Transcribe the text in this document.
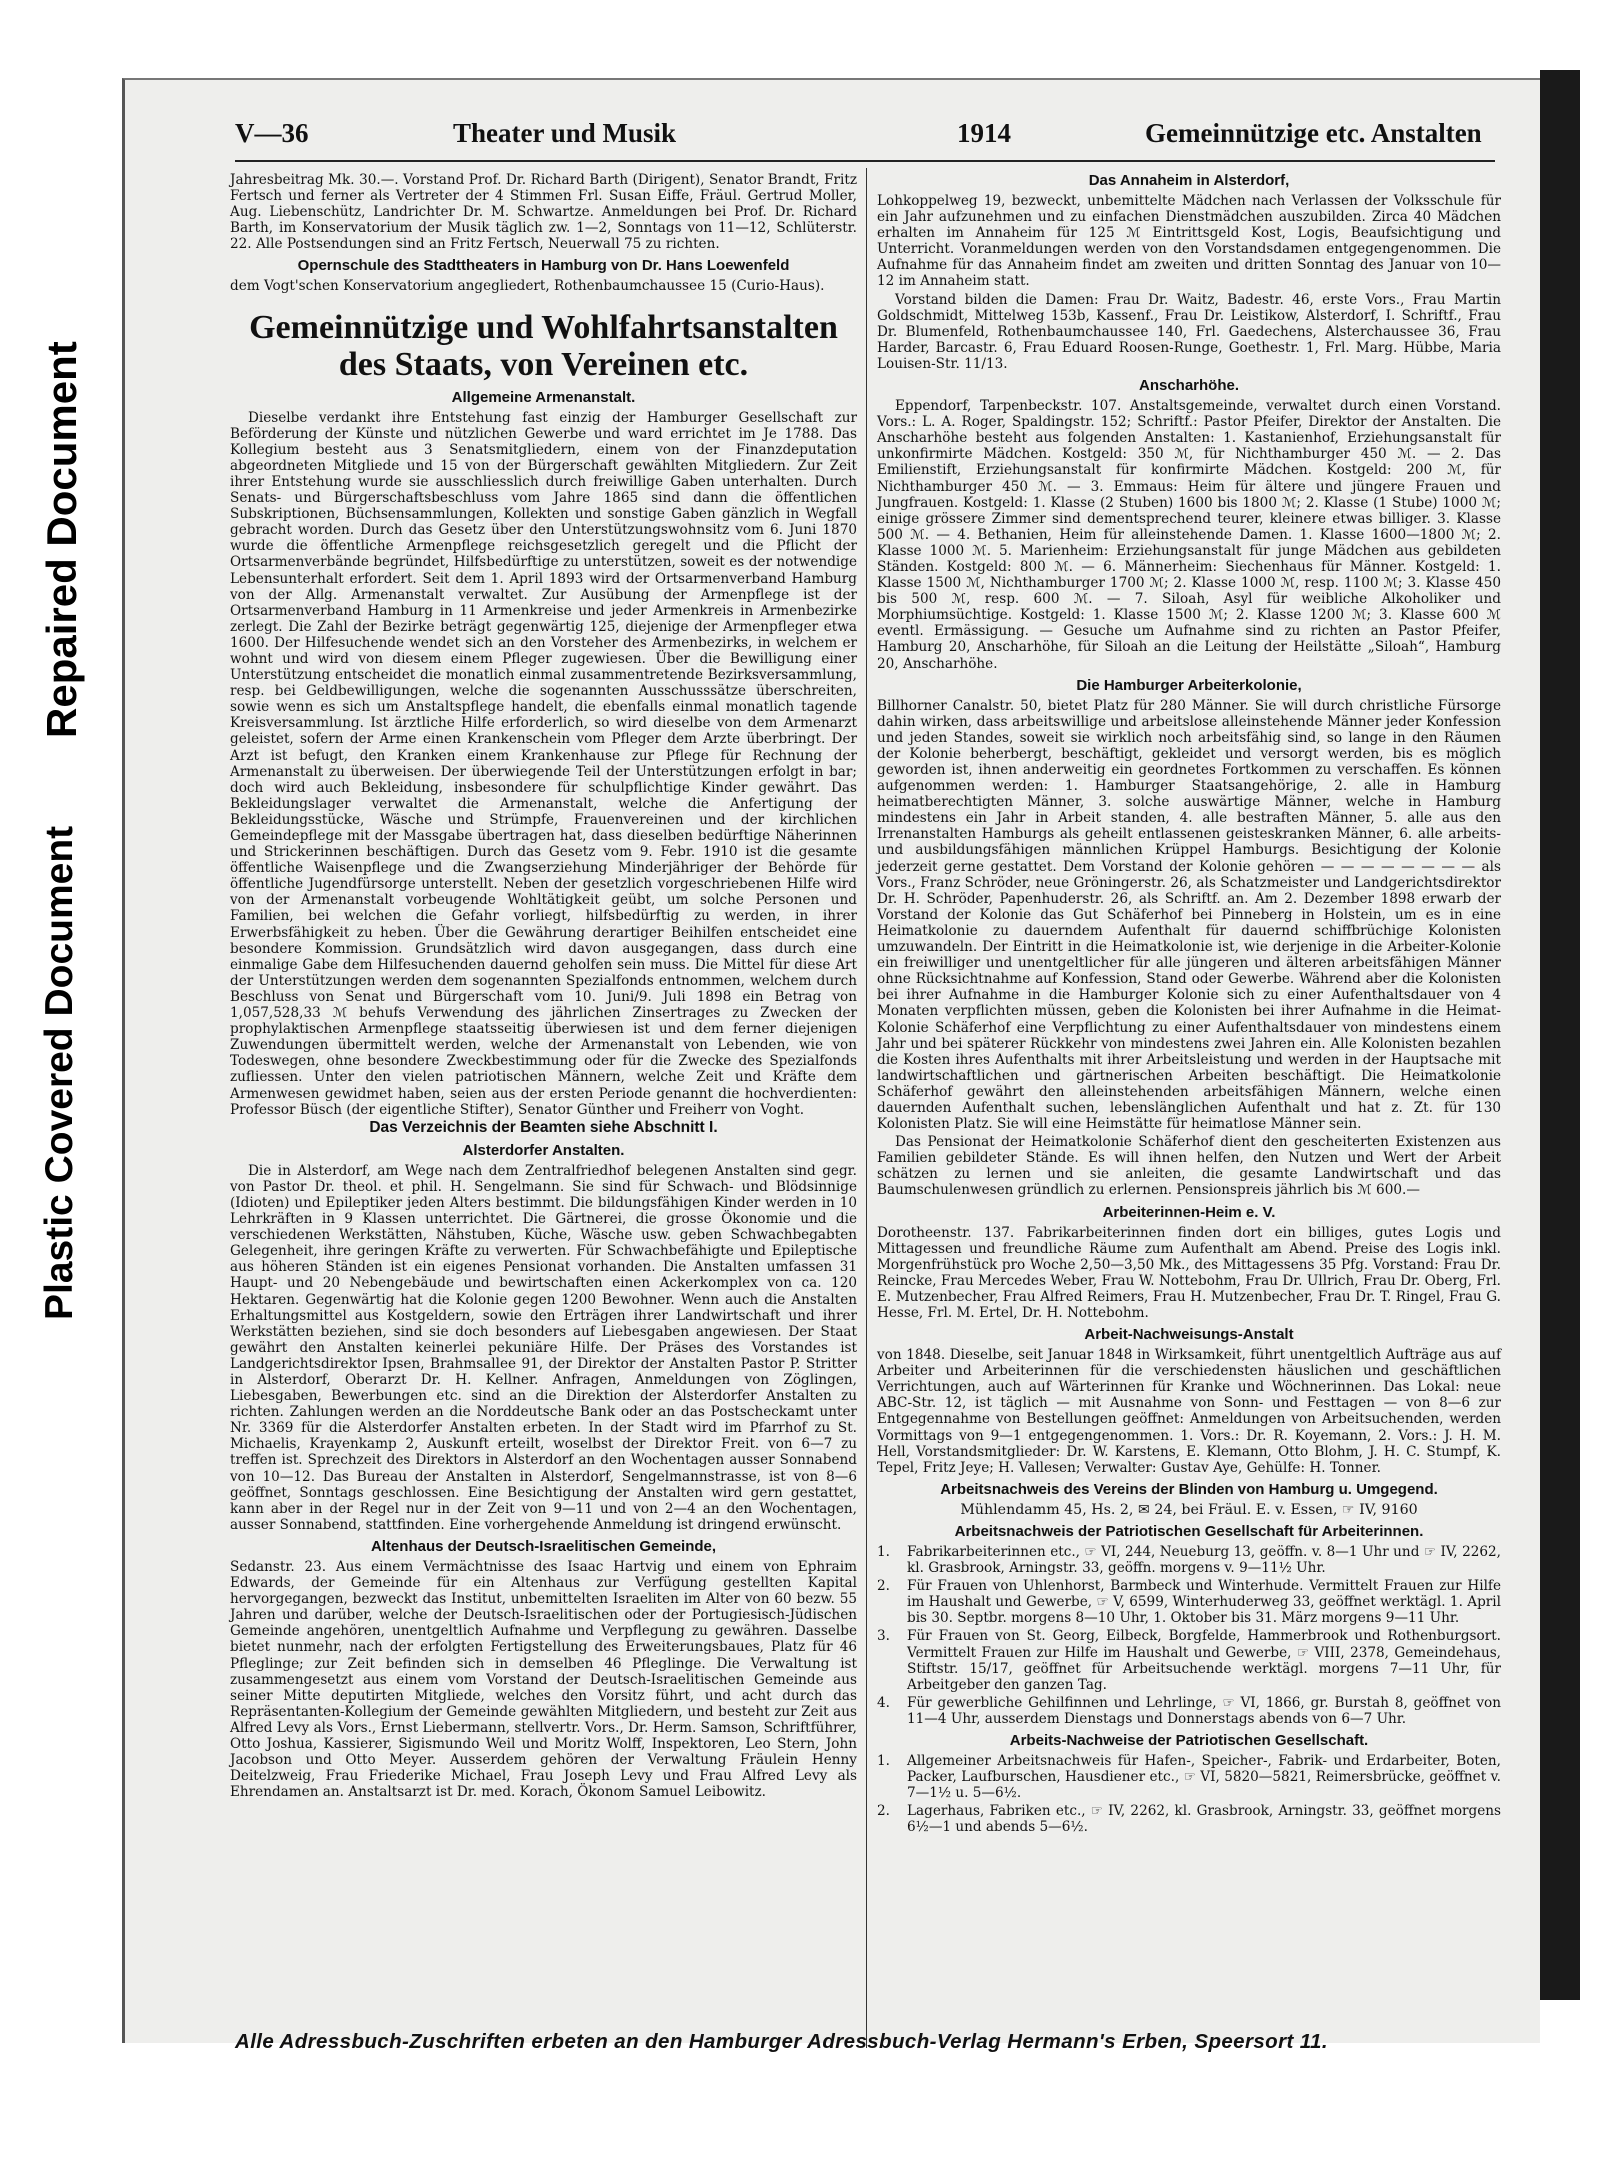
Repaired Document
Plastic Covered Document
V—36	Theater und Musik	1914	Gemeinnützige etc. Anstalten

Jahresbeitrag Mk. 30.—. Vorstand Prof. Dr. Richard Barth (Dirigent), Senator Brandt, Fritz Fertsch und ferner als Vertreter der 4 Stimmen Frl. Susan Eiffe, Fräul. Gertrud Moller, Aug. Liebenschütz, Landrichter Dr. M. Schwartze. Anmeldungen bei Prof. Dr. Richard Barth, im Konservatorium der Musik täglich zw. 1—2, Sonntags von 11—12, Schlüterstr. 22. Alle Postsendungen sind an Fritz Fertsch, Neuerwall 75 zu richten.

Opernschule des Stadttheaters in Hamburg von Dr. Hans Loewenfeld

dem Vogt'schen Konservatorium angegliedert, Rothenbaumchaussee 15 (Curio-Haus).

Gemeinnützige und Wohlfahrtsanstalten des Staats, von Vereinen etc.
Allgemeine Armenanstalt.

Dieselbe verdankt ihre Entstehung fast einzig der Hamburger Gesellschaft zur Beförderung der Künste und nützlichen Gewerbe und ward errichtet im Je 1788. Das Kollegium besteht aus 3 Senatsmitgliedern, einem von der Finanzdeputation abgeordneten Mitgliede und 15 von der Bürgerschaft gewählten Mitgliedern. Zur Zeit ihrer Entstehung wurde sie ausschliesslich durch freiwillige Gaben unterhalten. Durch Senats- und Bürgerschaftsbeschluss vom Jahre 1865 sind dann die öffentlichen Subskriptionen, Büchsensammlungen, Kollekten und sonstige Gaben gänzlich in Wegfall gebracht worden. Durch das Gesetz über den Unterstützungswohnsitz vom 6. Juni 1870 wurde die öffentliche Armenpflege reichsgesetzlich geregelt und die Pflicht der Ortsarmenverbände begründet, Hilfsbedürftige zu unterstützen, soweit es der notwendige Lebensunterhalt erfordert. Seit dem 1. April 1893 wird der Ortsarmenverband Hamburg von der Allg. Armenanstalt verwaltet. Zur Ausübung der Armenpflege ist der Ortsarmenverband Hamburg in 11 Armenkreise und jeder Armenkreis in Armenbezirke zerlegt. Die Zahl der Bezirke beträgt gegenwärtig 125, diejenige der Armenpfleger etwa 1600. Der Hilfesuchende wendet sich an den Vorsteher des Armenbezirks, in welchem er wohnt und wird von diesem einem Pfleger zugewiesen. Über die Bewilligung einer Unterstützung entscheidet die monatlich einmal zusammentretende Bezirksversammlung, resp. bei Geldbewilligungen, welche die sogenannten Ausschusssätze überschreiten, sowie wenn es sich um Anstaltspflege handelt, die ebenfalls einmal monatlich tagende Kreisversammlung. Ist ärztliche Hilfe erforderlich, so wird dieselbe von dem Armenarzt geleistet, sofern der Arme einen Krankenschein vom Pfleger dem Arzte überbringt. Der Arzt ist befugt, den Kranken einem Krankenhause zur Pflege für Rechnung der Armenanstalt zu überweisen. Der überwiegende Teil der Unterstützungen erfolgt in bar; doch wird auch Bekleidung, insbesondere für schulpflichtige Kinder gewährt. Das Bekleidungslager verwaltet die Armenanstalt, welche die Anfertigung der Bekleidungsstücke, Wäsche und Strümpfe, Frauenvereinen und der kirchlichen Gemeindepflege mit der Massgabe übertragen hat, dass dieselben bedürftige Näherinnen und Strickerinnen beschäftigen. Durch das Gesetz vom 9. Febr. 1910 ist die gesamte öffentliche Waisenpflege und die Zwangserziehung Minderjähriger der Behörde für öffentliche Jugendfürsorge unterstellt. Neben der gesetzlich vorgeschriebenen Hilfe wird von der Armenanstalt vorbeugende Wohltätigkeit geübt, um solche Personen und Familien, bei welchen die Gefahr vorliegt, hilfsbedürftig zu werden, in ihrer Erwerbsfähigkeit zu heben. Über die Gewährung derartiger Beihilfen entscheidet eine besondere Kommission. Grundsätzlich wird davon ausgegangen, dass durch eine einmalige Gabe dem Hilfesuchenden dauernd geholfen sein muss. Die Mittel für diese Art der Unterstützungen werden dem sogenannten Spezialfonds entnommen, welchem durch Beschluss von Senat und Bürgerschaft vom 10. Juni/9. Juli 1898 ein Betrag von 1,057,528,33 ℳ behufs Verwendung des jährlichen Zinsertrages zu Zwecken der prophylaktischen Armenpflege staatsseitig überwiesen ist und dem ferner diejenigen Zuwendungen übermittelt werden, welche der Armenanstalt von Lebenden, wie von Todeswegen, ohne besondere Zweckbestimmung oder für die Zwecke des Spezialfonds zufliessen. Unter den vielen patriotischen Männern, welche Zeit und Kräfte dem Armenwesen gewidmet haben, seien aus der ersten Periode genannt die hochverdienten: Professor Büsch (der eigentliche Stifter), Senator Günther und Freiherr von Voght.

Das Verzeichnis der Beamten siehe Abschnitt I.
Alsterdorfer Anstalten.

Die in Alsterdorf, am Wege nach dem Zentralfriedhof belegenen Anstalten sind gegr. von Pastor Dr. theol. et phil. H. Sengelmann. Sie sind für Schwach- und Blödsinnige (Idioten) und Epileptiker jeden Alters bestimmt. Die bildungsfähigen Kinder werden in 10 Lehrkräften in 9 Klassen unterrichtet. Die Gärtnerei, die grosse Ökonomie und die verschiedenen Werkstätten, Nähstuben, Küche, Wäsche usw. geben Schwachbegabten Gelegenheit, ihre geringen Kräfte zu verwerten. Für Schwachbefähigte und Epileptische aus höheren Ständen ist ein eigenes Pensionat vorhanden. Die Anstalten umfassen 31 Haupt- und 20 Nebengebäude und bewirtschaften einen Ackerkomplex von ca. 120 Hektaren. Gegenwärtig hat die Kolonie gegen 1200 Bewohner. Wenn auch die Anstalten Erhaltungsmittel aus Kostgeldern, sowie den Erträgen ihrer Landwirtschaft und ihrer Werkstätten beziehen, sind sie doch besonders auf Liebesgaben angewiesen. Der Staat gewährt den Anstalten keinerlei pekuniäre Hilfe. Der Präses des Vorstandes ist Landgerichtsdirektor Ipsen, Brahmsallee 91, der Direktor der Anstalten Pastor P. Stritter in Alsterdorf, Oberarzt Dr. H. Kellner. Anfragen, Anmeldungen von Zöglingen, Liebesgaben, Bewerbungen etc. sind an die Direktion der Alsterdorfer Anstalten zu richten. Zahlungen werden an die Norddeutsche Bank oder an das Postscheckamt unter Nr. 3369 für die Alsterdorfer Anstalten erbeten. In der Stadt wird im Pfarrhof zu St. Michaelis, Krayenkamp 2, Auskunft erteilt, woselbst der Direktor Freit. von 6—7 zu treffen ist. Sprechzeit des Direktors in Alsterdorf an den Wochentagen ausser Sonnabend von 10—12. Das Bureau der Anstalten in Alsterdorf, Sengelmannstrasse, ist von 8—6 geöffnet, Sonntags geschlossen. Eine Besichtigung der Anstalten wird gern gestattet, kann aber in der Regel nur in der Zeit von 9—11 und von 2—4 an den Wochentagen, ausser Sonnabend, stattfinden. Eine vorhergehende Anmeldung ist dringend erwünscht.

Altenhaus der Deutsch-Israelitischen Gemeinde,

Sedanstr. 23. Aus einem Vermächtnisse des Isaac Hartvig und einem von Ephraim Edwards, der Gemeinde für ein Altenhaus zur Verfügung gestellten Kapital hervorgegangen, bezweckt das Institut, unbemittelten Israeliten im Alter von 60 bezw. 55 Jahren und darüber, welche der Deutsch-Israelitischen oder der Portugiesisch-Jüdischen Gemeinde angehören, unentgeltlich Aufnahme und Verpflegung zu gewähren. Dasselbe bietet nunmehr, nach der erfolgten Fertigstellung des Erweiterungsbaues, Platz für 46 Pfleglinge; zur Zeit befinden sich in demselben 46 Pfleglinge. Die Verwaltung ist zusammengesetzt aus einem vom Vorstand der Deutsch-Israelitischen Gemeinde aus seiner Mitte deputirten Mitgliede, welches den Vorsitz führt, und acht durch das Repräsentanten-Kollegium der Gemeinde gewählten Mitgliedern, und besteht zur Zeit aus Alfred Levy als Vors., Ernst Liebermann, stellvertr. Vors., Dr. Herm. Samson, Schriftführer, Otto Joshua, Kassierer, Sigismundo Weil und Moritz Wolff, Inspektoren, Leo Stern, John Jacobson und Otto Meyer. Ausserdem gehören der Verwaltung Fräulein Henny Deitelzweig, Frau Friederike Michael, Frau Joseph Levy und Frau Alfred Levy als Ehrendamen an. Anstaltsarzt ist Dr. med. Korach, Ökonom Samuel Leibowitz.

Das Annaheim in Alsterdorf,

Lohkoppelweg 19, bezweckt, unbemittelte Mädchen nach Verlassen der Volksschule für ein Jahr aufzunehmen und zu einfachen Dienstmädchen auszubilden. Zirca 40 Mädchen erhalten im Annaheim für 125 ℳ Eintrittsgeld Kost, Logis, Beaufsichtigung und Unterricht. Voranmeldungen werden von den Vorstandsdamen entgegengenommen. Die Aufnahme für das Annaheim findet am zweiten und dritten Sonntag des Januar von 10—12 im Annaheim statt.

Vorstand bilden die Damen: Frau Dr. Waitz, Badestr. 46, erste Vors., Frau Martin Goldschmidt, Mittelweg 153b, Kassenf., Frau Dr. Leistikow, Alsterdorf, I. Schriftf., Frau Dr. Blumenfeld, Rothenbaumchaussee 140, Frl. Gaedechens, Alsterchaussee 36, Frau Harder, Barcastr. 6, Frau Eduard Roosen-Runge, Goethestr. 1, Frl. Marg. Hübbe, Maria Louisen-Str. 11/13.

Anscharhöhe.

Eppendorf, Tarpenbeckstr. 107. Anstaltsgemeinde, verwaltet durch einen Vorstand. Vors.: L. A. Roger, Spaldingstr. 152; Schriftf.: Pastor Pfeifer, Direktor der Anstalten. Die Anscharhöhe besteht aus folgenden Anstalten: 1. Kastanienhof, Erziehungsanstalt für unkonfirmirte Mädchen. Kostgeld: 350 ℳ, für Nichthamburger 450 ℳ. — 2. Das Emilienstift, Erziehungsanstalt für konfirmirte Mädchen. Kostgeld: 200 ℳ, für Nichthamburger 450 ℳ. — 3. Emmaus: Heim für ältere und jüngere Frauen und Jungfrauen. Kostgeld: 1. Klasse (2 Stuben) 1600 bis 1800 ℳ; 2. Klasse (1 Stube) 1000 ℳ; einige grössere Zimmer sind dementsprechend teurer, kleinere etwas billiger. 3. Klasse 500 ℳ. — 4. Bethanien, Heim für alleinstehende Damen. 1. Klasse 1600—1800 ℳ; 2. Klasse 1000 ℳ. 5. Marienheim: Erziehungsanstalt für junge Mädchen aus gebildeten Ständen. Kostgeld: 800 ℳ. — 6. Männerheim: Siechenhaus für Männer. Kostgeld: 1. Klasse 1500 ℳ, Nichthamburger 1700 ℳ; 2. Klasse 1000 ℳ, resp. 1100 ℳ; 3. Klasse 450 bis 500 ℳ, resp. 600 ℳ. — 7. Siloah, Asyl für weibliche Alkoholiker und Morphiumsüchtige. Kostgeld: 1. Klasse 1500 ℳ; 2. Klasse 1200 ℳ; 3. Klasse 600 ℳ eventl. Ermässigung. — Gesuche um Aufnahme sind zu richten an Pastor Pfeifer, Hamburg 20, Anscharhöhe, für Siloah an die Leitung der Heilstätte „Siloah“, Hamburg 20, Anscharhöhe.

Die Hamburger Arbeiterkolonie,

Billhorner Canalstr. 50, bietet Platz für 280 Männer. Sie will durch christliche Fürsorge dahin wirken, dass arbeitswillige und arbeitslose alleinstehende Männer jeder Konfession und jeden Standes, soweit sie wirklich noch arbeitsfähig sind, so lange in den Räumen der Kolonie beherbergt, beschäftigt, gekleidet und versorgt werden, bis es möglich geworden ist, ihnen anderweitig ein geordnetes Fortkommen zu verschaffen. Es können aufgenommen werden: 1. Hamburger Staatsangehörige, 2. alle in Hamburg heimatberechtigten Männer, 3. solche auswärtige Männer, welche in Hamburg mindestens ein Jahr in Arbeit standen, 4. alle bestraften Männer, 5. alle aus den Irrenanstalten Hamburgs als geheilt entlassenen geisteskranken Männer, 6. alle arbeits- und ausbildungsfähigen männlichen Krüppel Hamburgs. Besichtigung der Kolonie jederzeit gerne gestattet. Dem Vorstand der Kolonie gehören — — — — — — — — als Vors., Franz Schröder, neue Gröningerstr. 26, als Schatzmeister und Landgerichtsdirektor Dr. H. Schröder, Papenhuderstr. 26, als Schriftf. an. Am 2. Dezember 1898 erwarb der Vorstand der Kolonie das Gut Schäferhof bei Pinneberg in Holstein, um es in eine Heimatkolonie zu dauerndem Aufenthalt für dauernd schiffbrüchige Kolonisten umzuwandeln. Der Eintritt in die Heimatkolonie ist, wie derjenige in die Arbeiter-Kolonie ein freiwilliger und unentgeltlicher für alle jüngeren und älteren arbeitsfähigen Männer ohne Rücksichtnahme auf Konfession, Stand oder Gewerbe. Während aber die Kolonisten bei ihrer Aufnahme in die Hamburger Kolonie sich zu einer Aufenthaltsdauer von 4 Monaten verpflichten müssen, geben die Kolonisten bei ihrer Aufnahme in die Heimat-Kolonie Schäferhof eine Verpflichtung zu einer Aufenthaltsdauer von mindestens einem Jahr und bei späterer Rückkehr von mindestens zwei Jahren ein. Alle Kolonisten bezahlen die Kosten ihres Aufenthalts mit ihrer Arbeitsleistung und werden in der Hauptsache mit landwirtschaftlichen und gärtnerischen Arbeiten beschäftigt. Die Heimatkolonie Schäferhof gewährt den alleinstehenden arbeitsfähigen Männern, welche einen dauernden Aufenthalt suchen, lebenslänglichen Aufenthalt und hat z. Zt. für 130 Kolonisten Platz. Sie will eine Heimstätte für heimatlose Männer sein.

Das Pensionat der Heimatkolonie Schäferhof dient den gescheiterten Existenzen aus Familien gebildeter Stände. Es will ihnen helfen, den Nutzen und Wert der Arbeit schätzen zu lernen und sie anleiten, die gesamte Landwirtschaft und das Baumschulenwesen gründlich zu erlernen. Pensionspreis jährlich bis ℳ 600.—

Arbeiterinnen-Heim e. V.

Dorotheenstr. 137. Fabrikarbeiterinnen finden dort ein billiges, gutes Logis und Mittagessen und freundliche Räume zum Aufenthalt am Abend. Preise des Logis inkl. Morgenfrühstück pro Woche 2,50—3,50 Mk., des Mittagessens 35 Pfg. Vorstand: Frau Dr. Reincke, Frau Mercedes Weber, Frau W. Nottebohm, Frau Dr. Ullrich, Frau Dr. Oberg, Frl. E. Mutzenbecher, Frau Alfred Reimers, Frau H. Mutzenbecher, Frau Dr. T. Ringel, Frau G. Hesse, Frl. M. Ertel, Dr. H. Nottebohm.

Arbeit-Nachweisungs-Anstalt

von 1848. Dieselbe, seit Januar 1848 in Wirksamkeit, führt unentgeltlich Aufträge aus auf Arbeiter und Arbeiterinnen für die verschiedensten häuslichen und geschäftlichen Verrichtungen, auch auf Wärterinnen für Kranke und Wöchnerinnen. Das Lokal: neue ABC-Str. 12, ist täglich — mit Ausnahme von Sonn- und Festtagen — von 8—6 zur Entgegennahme von Bestellungen geöffnet: Anmeldungen von Arbeitsuchenden, werden Vormittags von 9—1 entgegengenommen. 1. Vors.: Dr. R. Koyemann, 2. Vors.: J. H. M. Hell, Vorstandsmitglieder: Dr. W. Karstens, E. Klemann, Otto Blohm, J. H. C. Stumpf, K. Tepel, Fritz Jeye; H. Vallesen; Verwalter: Gustav Aye, Gehülfe: H. Tonner.

Arbeitsnachweis des Vereins der Blinden von Hamburg u. Umgegend.
Mühlendamm 45, Hs. 2, ✉ 24, bei Fräul. E. v. Essen, ☞ IV, 9160
Arbeitsnachweis der Patriotischen Gesellschaft für Arbeiterinnen.
1.	Fabrikarbeiterinnen etc., ☞ VI, 244, Neueburg 13, geöffn. v. 8—1 Uhr und ☞ IV, 2262, kl. Grasbrook, Arningstr. 33, geöffn. morgens v. 9—11½ Uhr.
2.	Für Frauen von Uhlenhorst, Barmbeck und Winterhude. Vermittelt Frauen zur Hilfe im Haushalt und Gewerbe, ☞ V, 6599, Winterhuderweg 33, geöffnet werktägl. 1. April bis 30. Septbr. morgens 8—10 Uhr, 1. Oktober bis 31. März morgens 9—11 Uhr.
3.	Für Frauen von St. Georg, Eilbeck, Borgfelde, Hammerbrook und Rothenburgsort. Vermittelt Frauen zur Hilfe im Haushalt und Gewerbe, ☞ VIII, 2378, Gemeindehaus, Stiftstr. 15/17, geöffnet für Arbeitsuchende werktägl. morgens 7—11 Uhr, für Arbeitgeber den ganzen Tag.
4.	Für gewerbliche Gehilfinnen und Lehrlinge, ☞ VI, 1866, gr. Burstah 8, geöffnet von 11—4 Uhr, ausserdem Dienstags und Donnerstags abends von 6—7 Uhr.
Arbeits-Nachweise der Patriotischen Gesellschaft.
1.	Allgemeiner Arbeitsnachweis für Hafen-, Speicher-, Fabrik- und Erdarbeiter, Boten, Packer, Laufburschen, Hausdiener etc., ☞ VI, 5820—5821, Reimersbrücke, geöffnet v. 7—1½ u. 5—6½.
2.	Lagerhaus, Fabriken etc., ☞ IV, 2262, kl. Grasbrook, Arningstr. 33, geöffnet morgens 6½—1 und abends 5—6½.
Alle Adressbuch-Zuschriften erbeten an den Hamburger Adressbuch-Verlag Hermann's Erben, Speersort 11.
